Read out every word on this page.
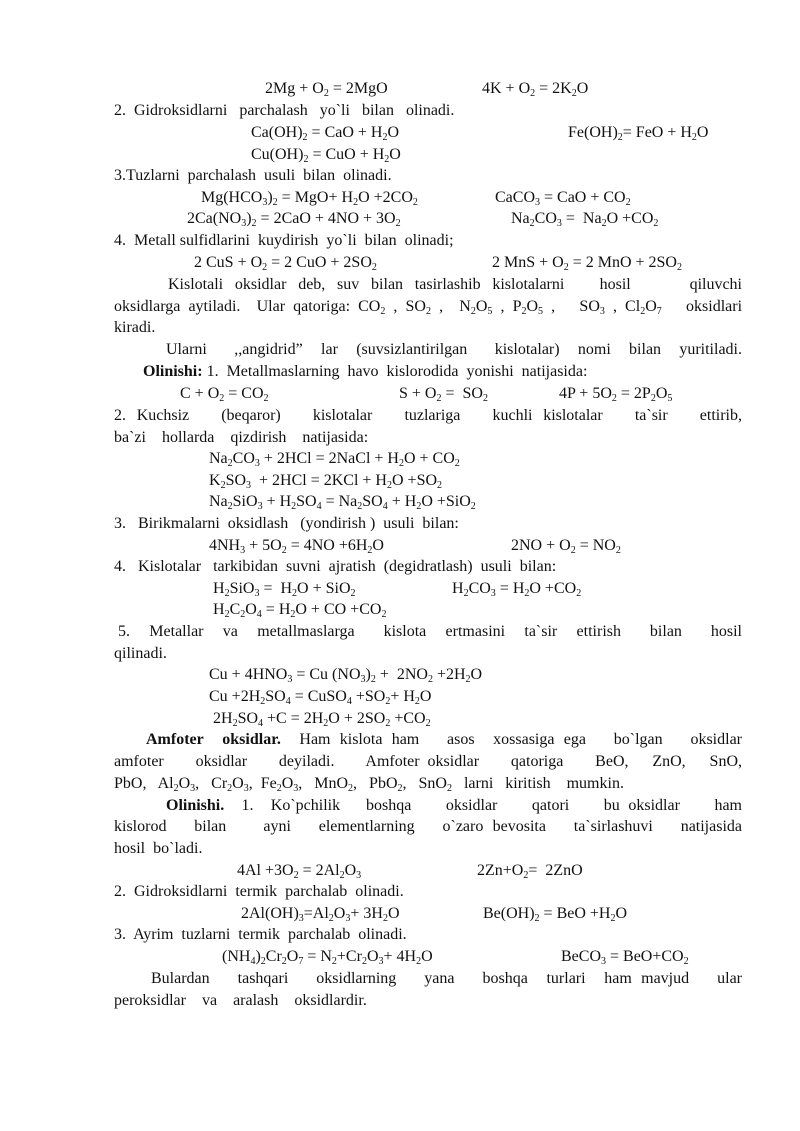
$2Mg + O_2 = 2MgO$	$4K + O_2 = 2K_2O$
2.  Gidroksidlarni   parchalash   yo`li   bilan   olinadi.
$Ca(OH)_2$ = CaO + $H_2O$	$Fe(OH)_2=$ FeO + $H_2O$
$Cu(OH)_2$ = CuO + $H_2O$
3.Tuzlarni  parchalash  usuli  bilan  olinadi.
$Mg(HCO_3)_2 = MgO+ H_2O +2CO_2$	CaCO$_3$ = CaO + $CO_2$
$2Ca(NO_3)_2 = 2CaO + 4NO + 3O_2$	$Na_2CO_3 = Na_2O +CO_2$
4.  Metall sulfidlarini  kuydirish  yo`li  bilan  olinadi;
2 CuS + $O_2 = 2$ CuO + $2SO_2$	2 MnS + $O_2 = 2$ MnO + $2SO_2$
Kislotali oksidlar deb, suv bilan tasirlashib kislotalarni   hosil     qiluvchi
oksidlarga aytiladi.  Ular qatoriga: $CO_2$ , $SO_2$ ,  $N_2O_5$ , $P_2O_5$ ,   $SO_3$ , $Cl_2O_7$   oksidlari
kiradi.
Ularni   ,,angidrid”  lar  (suvsizlantirilgan   kislotalar)  nomi  bilan  yuritiladi.
Olinishi: 1.  Metallmaslarning  havo  kislorodida  yonishi  natijasida:
$C + O_2 = CO_2$	$S + O_2 = SO_2$	$4P + 5O_2 = 2P_2O_5$
2. Kuchsiz   (beqaror)   kislotalar   tuzlariga   kuchli kislotalar   ta`sir   ettirib,
ba`zi    hollarda    qizdirish    natijasida:
$Na_2CO_3 + 2HCl$ = 2NaCl + $H_2O + CO_2$
$K_2SO_3 + 2HCl = 2KCl + H_2O +SO_2$
$Na_2SiO_3 + H_2SO_4 = Na_2SO_4 + H_2O +SiO_2$
3.   Birikmalarni  oksidlash   (yondirish )  usuli  bilan:
$4NH_3 + 5O_2 = 4NO +6H_2O$	$2NO + O_2 = NO_2$
4.   Kislotalar   tarkibidan  suvni  ajratish  (degidratlash)  usuli  bilan:
$H_2SiO_3 = H_2O + SiO_2$	$H_2CO_3 = H_2O +CO_2$
$H_2C_2O_4 = H_2O$ + CO $+CO_2$
5.  Metallar  va  metallmaslarga   kislota  ertmasini  ta`sir  ettirish   bilan   hosil
qilinadi.
$Cu + 4HNO_3 = Cu$ $(NO_3)_2 + 2NO_2 +2H_2O$
$Cu +2H_2SO_4$ = CuSO$_4$ $+SO_2+ H_2O$
$2H_2SO_4 +C = 2H_2O + 2SO_2 +CO_2$
Amfoter  oksidlar.  Ham kislota ham   asos  xossasiga ega   bo`lgan   oksidlar
amfoter    oksidlar    deyiladi.    Amfoter oksidlar    qatoriga    BeO,   ZnO,   SnO,
PbO,   $Al_2O_3$,   $Cr_2O_3$,  $Fe_2O_3$,   MnO$_2$,   PbO$_2$,   SnO$_2$   larni   kiritish    mumkin.
Olinishi.  1.  Ko`pchilik   boshqa    oksidlar    qatori    bu oksidlar    ham
kislorod   bilan    ayni   elementlarning   o`zaro bevosita   ta`sirlashuvi   natijasida
hosil  bo`ladi.
$4Al +3O_2 = 2Al_2O_3$	$2Zn+O_2= 2ZnO$
2.  Gidroksidlarni  termik  parchalab  olinadi.
$2Al(OH)_3=Al_2O_3+ 3H_2O$	$Be(OH)_2$ = BeO $+H_2O$
3.  Ayrim  tuzlarni  termik  parchalab  olinadi.
$(NH_4)_2Cr_2O_7 = N_2+Cr_2O_3+ 4H_2O$	BeCO$_3$ = $BeO+CO_2$
Bulardan   tashqari   oksidlarning   yana   boshqa  turlari  ham mavjud   ular
peroksidlar    va    aralash    oksidlardir.
